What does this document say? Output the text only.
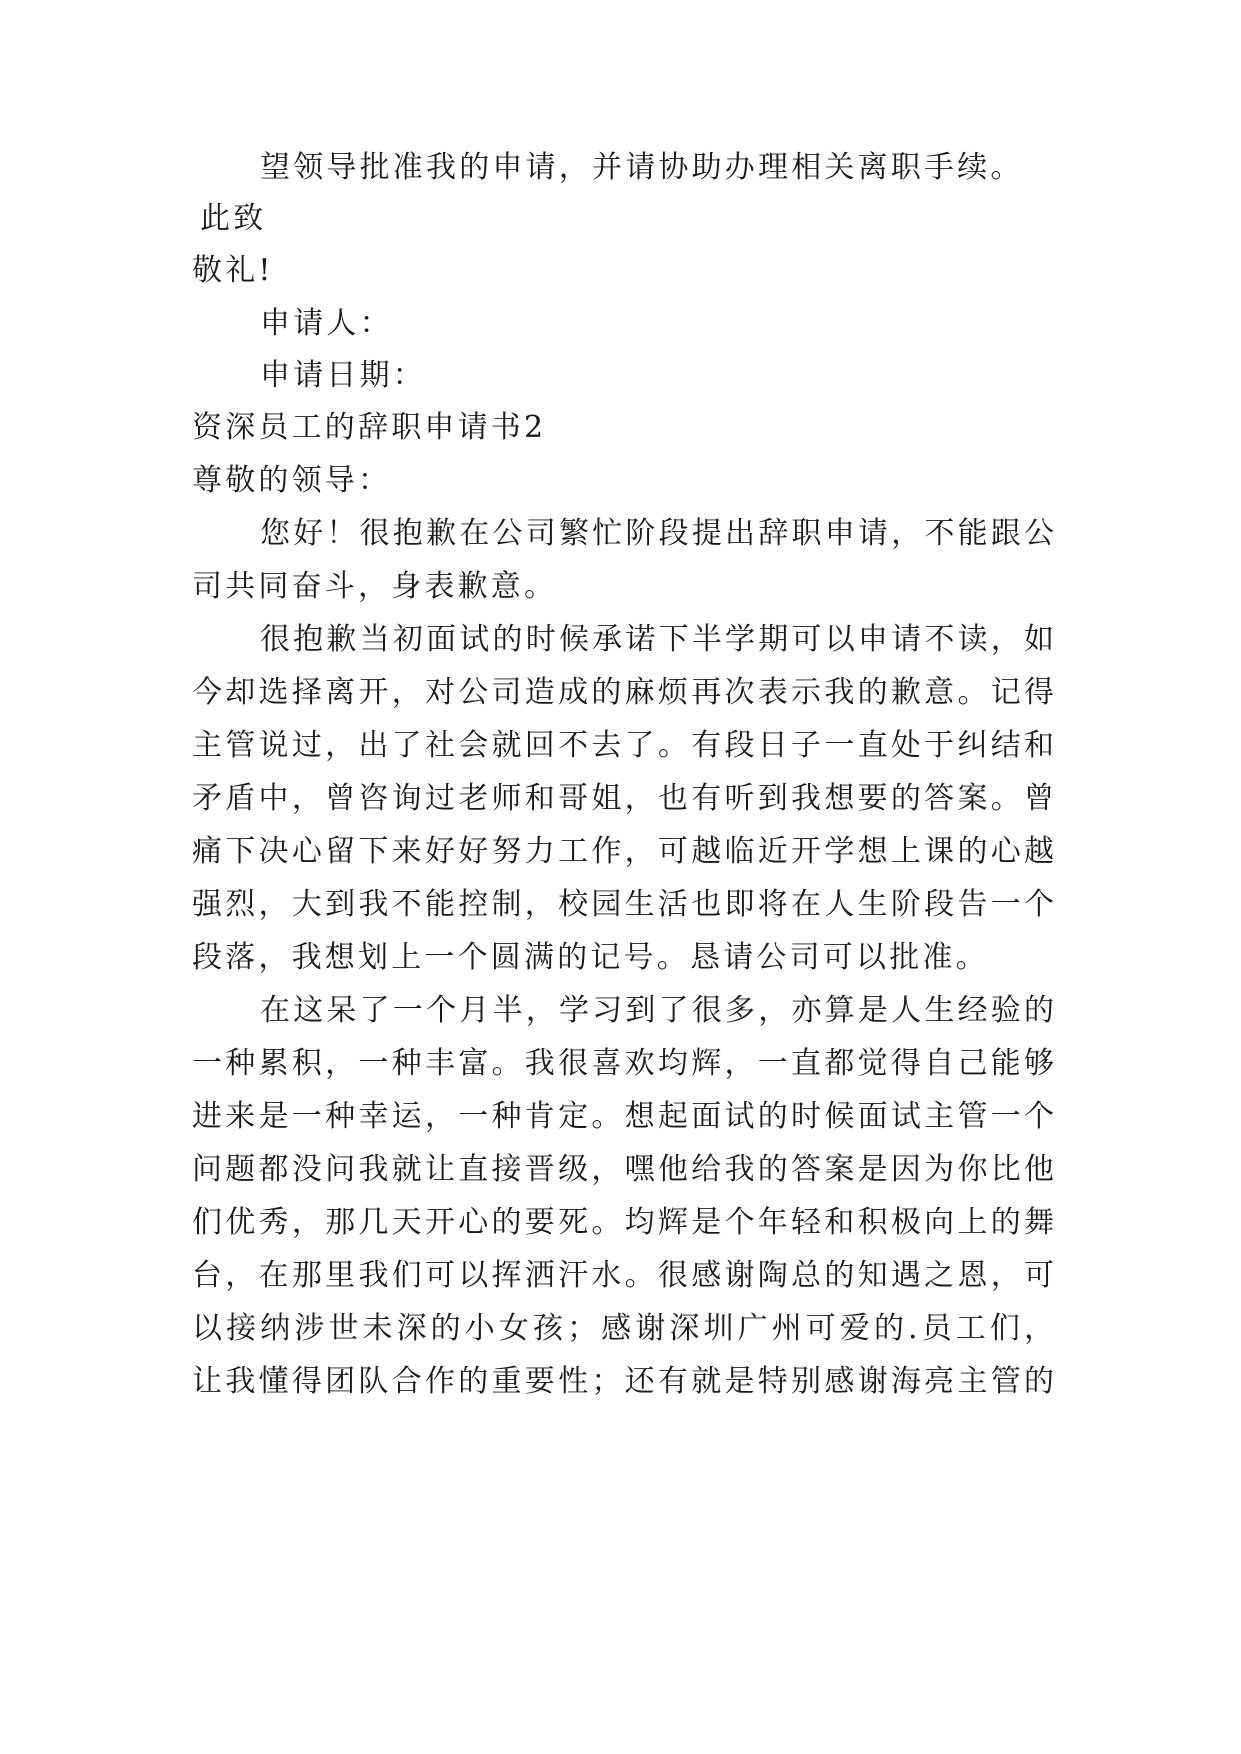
望领导批准我的申请，并请协助办理相关离职手续。

此致

敬礼!

申请人：

申请日期：

资深员工的辞职申请书2

尊敬的领导：

您好！很抱歉在公司繁忙阶段提出辞职申请，不能跟公

司共同奋斗，身表歉意。

很抱歉当初面试的时候承诺下半学期可以申请不读，如

今却选择离开，对公司造成的麻烦再次表示我的歉意。记得

主管说过，出了社会就回不去了。有段日子一直处于纠结和

矛盾中，曾咨询过老师和哥姐，也有听到我想要的答案。曾

痛下决心留下来好好努力工作，可越临近开学想上课的心越

强烈，大到我不能控制，校园生活也即将在人生阶段告一个

段落，我想划上一个圆满的记号。恳请公司可以批准。

在这呆了一个月半，学习到了很多，亦算是人生经验的

一种累积，一种丰富。我很喜欢均辉，一直都觉得自己能够

进来是一种幸运，一种肯定。想起面试的时候面试主管一个

问题都没问我就让直接晋级，嘿他给我的答案是因为你比他

们优秀，那几天开心的要死。均辉是个年轻和积极向上的舞

台，在那里我们可以挥洒汗水。很感谢陶总的知遇之恩，可

以接纳涉世未深的小女孩；感谢深圳广州可爱的.员工们，

让我懂得团队合作的重要性；还有就是特别感谢海亮主管的
